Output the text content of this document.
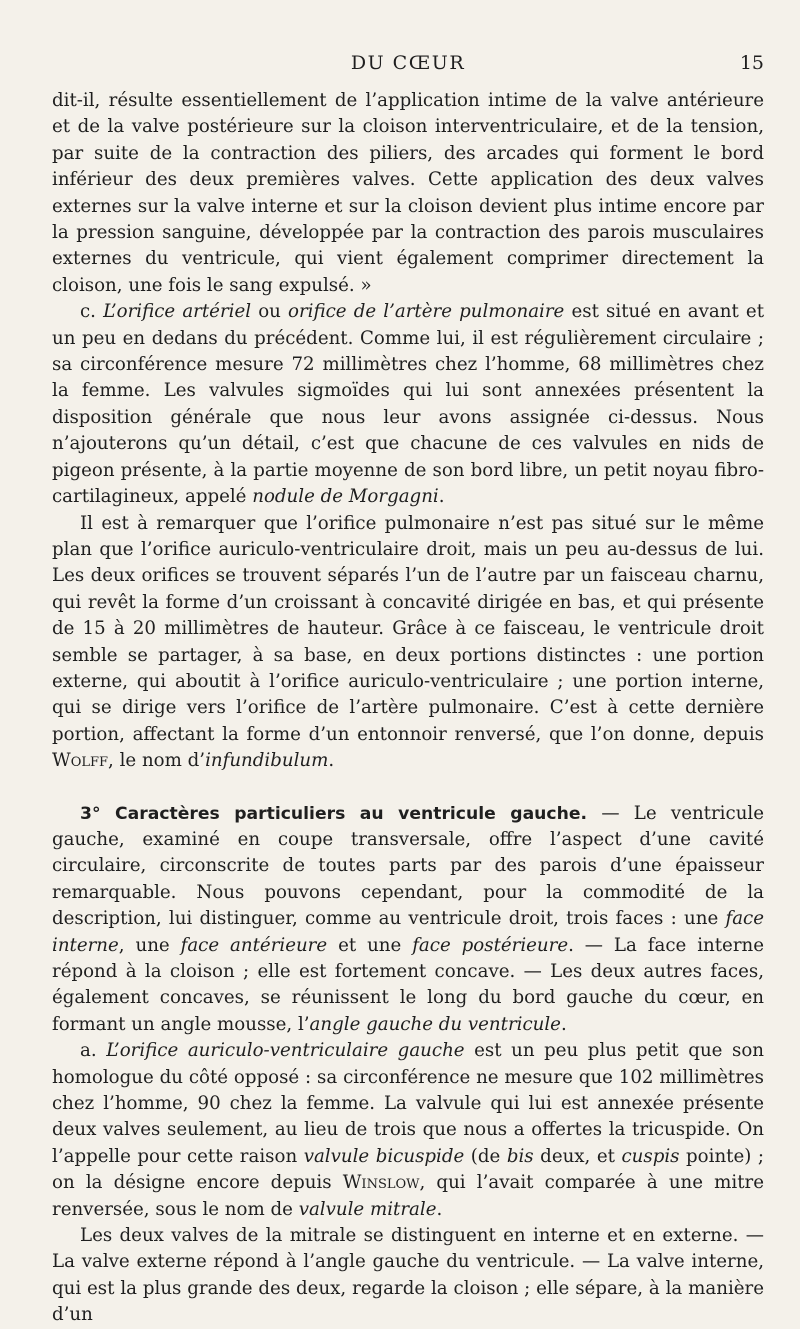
DU CŒUR	15

dit-il, résulte essentiellement de l’application intime de la valve antérieure et de la valve postérieure sur la cloison interventriculaire, et de la tension, par suite de la contraction des piliers, des arcades qui forment le bord inférieur des deux premières valves. Cette application des deux valves externes sur la valve interne et sur la cloison devient plus intime encore par la pression sanguine, développée par la contraction des parois musculaires externes du ventricule, qui vient également comprimer directement la cloison, une fois le sang expulsé. »

c. L’orifice artériel ou orifice de l’artère pulmonaire est situé en avant et un peu en dedans du précédent. Comme lui, il est régulièrement circulaire ; sa circonférence mesure 72 millimètres chez l’homme, 68 millimètres chez la femme. Les valvules sigmoïdes qui lui sont annexées présentent la disposition générale que nous leur avons assignée ci-dessus. Nous n’ajouterons qu’un détail, c’est que chacune de ces valvules en nids de pigeon présente, à la partie moyenne de son bord libre, un petit noyau fibro-cartilagineux, appelé nodule de Morgagni.

Il est à remarquer que l’orifice pulmonaire n’est pas situé sur le même plan que l’orifice auriculo-ventriculaire droit, mais un peu au-dessus de lui. Les deux orifices se trouvent séparés l’un de l’autre par un faisceau charnu, qui revêt la forme d’un croissant à concavité dirigée en bas, et qui présente de 15 à 20 millimètres de hauteur. Grâce à ce faisceau, le ventricule droit semble se partager, à sa base, en deux portions distinctes : une portion externe, qui aboutit à l’orifice auriculo-ventriculaire ; une portion interne, qui se dirige vers l’orifice de l’artère pulmonaire. C’est à cette dernière portion, affectant la forme d’un entonnoir renversé, que l’on donne, depuis Wolff, le nom d’infundibulum.

3° Caractères particuliers au ventricule gauche. — Le ventricule gauche, examiné en coupe transversale, offre l’aspect d’une cavité circulaire, circonscrite de toutes parts par des parois d’une épaisseur remarquable. Nous pouvons cependant, pour la commodité de la description, lui distinguer, comme au ventricule droit, trois faces : une face interne, une face antérieure et une face postérieure. — La face interne répond à la cloison ; elle est fortement concave. — Les deux autres faces, également concaves, se réunissent le long du bord gauche du cœur, en formant un angle mousse, l’angle gauche du ventricule.

a. L’orifice auriculo-ventriculaire gauche est un peu plus petit que son homologue du côté opposé : sa circonférence ne mesure que 102 millimètres chez l’homme, 90 chez la femme. La valvule qui lui est annexée présente deux valves seulement, au lieu de trois que nous a offertes la tricuspide. On l’appelle pour cette raison valvule bicuspide (de bis deux, et cuspis pointe) ; on la désigne encore depuis Winslow, qui l’avait comparée à une mitre renversée, sous le nom de valvule mitrale.

Les deux valves de la mitrale se distinguent en interne et en externe. — La valve externe répond à l’angle gauche du ventricule. — La valve interne, qui est la plus grande des deux, regarde la cloison ; elle sépare, à la manière d’un
